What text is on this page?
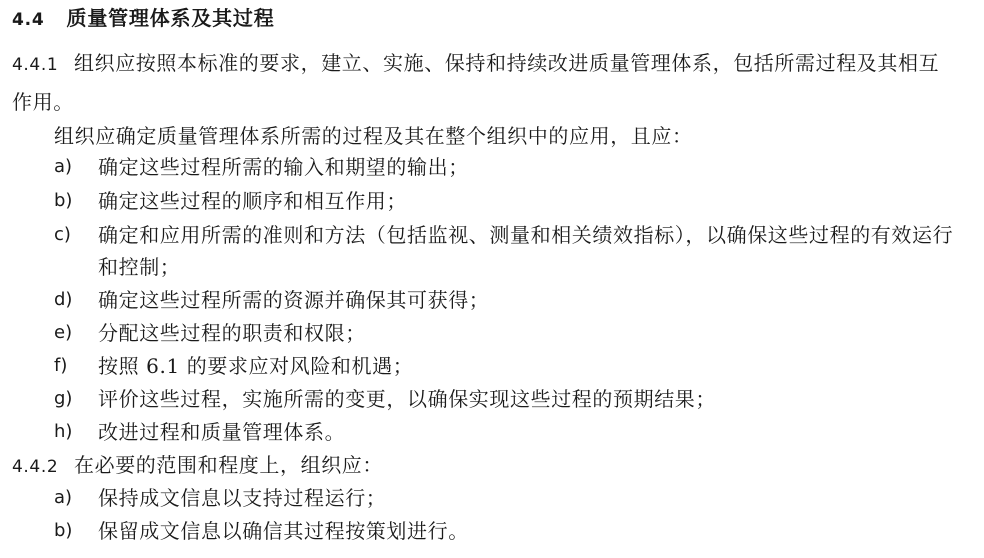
4.4 质量管理体系及其过程
4.4.1 组织应按照本标准的要求，建立、实施、保持和持续改进质量管理体系，包括所需过程及其相互
作用。
组织应确定质量管理体系所需的过程及其在整个组织中的应用，且应：
a)	确定这些过程所需的输入和期望的输出；
b)	确定这些过程的顺序和相互作用；
c)	确定和应用所需的准则和方法（包括监视、测量和相关绩效指标），以确保这些过程的有效运行
和控制；
d)	确定这些过程所需的资源并确保其可获得；
e)	分配这些过程的职责和权限；
f)	按照 6.1 的要求应对风险和机遇；
g)	评价这些过程，实施所需的变更，以确保实现这些过程的预期结果；
h)	改进过程和质量管理体系。
4.4.2 在必要的范围和程度上，组织应：
a)	保持成文信息以支持过程运行；
b)	保留成文信息以确信其过程按策划进行。
